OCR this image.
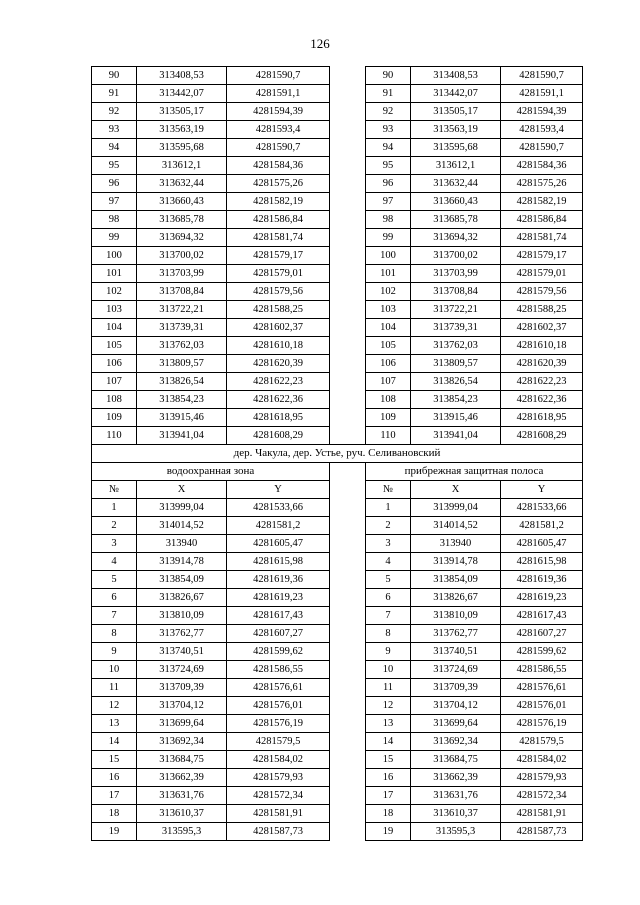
126
90	313408,53	4281590,7		90	313408,53	4281590,7
91	313442,07	4281591,1		91	313442,07	4281591,1
92	313505,17	4281594,39		92	313505,17	4281594,39
93	313563,19	4281593,4		93	313563,19	4281593,4
94	313595,68	4281590,7		94	313595,68	4281590,7
95	313612,1	4281584,36		95	313612,1	4281584,36
96	313632,44	4281575,26		96	313632,44	4281575,26
97	313660,43	4281582,19		97	313660,43	4281582,19
98	313685,78	4281586,84		98	313685,78	4281586,84
99	313694,32	4281581,74		99	313694,32	4281581,74
100	313700,02	4281579,17		100	313700,02	4281579,17
101	313703,99	4281579,01		101	313703,99	4281579,01
102	313708,84	4281579,56		102	313708,84	4281579,56
103	313722,21	4281588,25		103	313722,21	4281588,25
104	313739,31	4281602,37		104	313739,31	4281602,37
105	313762,03	4281610,18		105	313762,03	4281610,18
106	313809,57	4281620,39		106	313809,57	4281620,39
107	313826,54	4281622,23		107	313826,54	4281622,23
108	313854,23	4281622,36		108	313854,23	4281622,36
109	313915,46	4281618,95		109	313915,46	4281618,95
110	313941,04	4281608,29		110	313941,04	4281608,29
дер. Чакула, дер. Устье, руч. Селивановский						
водоохранная зона				прибрежная защитная полоса		
№	X	Y		№	X	Y
1	313999,04	4281533,66		1	313999,04	4281533,66
2	314014,52	4281581,2		2	314014,52	4281581,2
3	313940	4281605,47		3	313940	4281605,47
4	313914,78	4281615,98		4	313914,78	4281615,98
5	313854,09	4281619,36		5	313854,09	4281619,36
6	313826,67	4281619,23		6	313826,67	4281619,23
7	313810,09	4281617,43		7	313810,09	4281617,43
8	313762,77	4281607,27		8	313762,77	4281607,27
9	313740,51	4281599,62		9	313740,51	4281599,62
10	313724,69	4281586,55		10	313724,69	4281586,55
11	313709,39	4281576,61		11	313709,39	4281576,61
12	313704,12	4281576,01		12	313704,12	4281576,01
13	313699,64	4281576,19		13	313699,64	4281576,19
14	313692,34	4281579,5		14	313692,34	4281579,5
15	313684,75	4281584,02		15	313684,75	4281584,02
16	313662,39	4281579,93		16	313662,39	4281579,93
17	313631,76	4281572,34		17	313631,76	4281572,34
18	313610,37	4281581,91		18	313610,37	4281581,91
19	313595,3	4281587,73		19	313595,3	4281587,73
